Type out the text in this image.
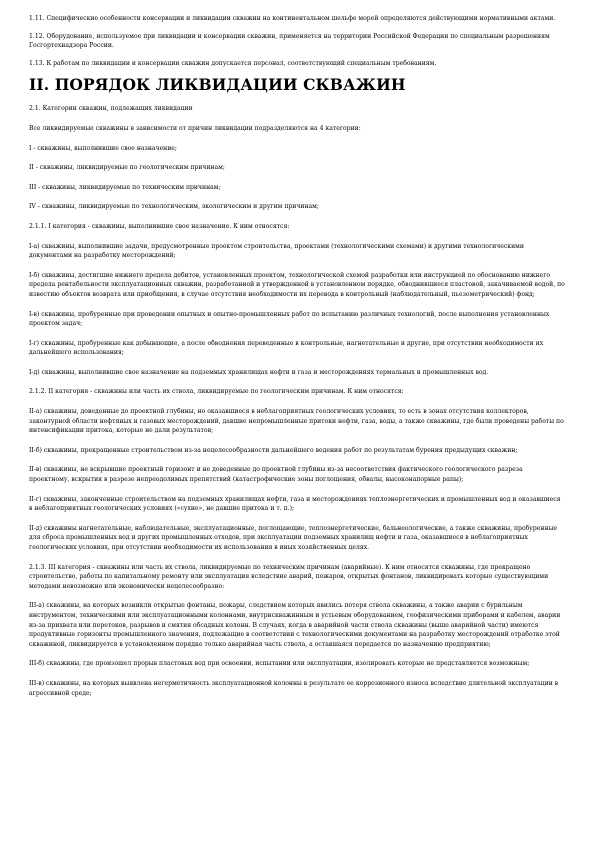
1.11. Специфические особенности консервации и ликвидации скважин на континентальном шельфе морей определяются действующими нормативными актами.

1.12. Оборудование, используемое при ликвидации и консервации скважин, применяется на территории Российской Федерации по специальным разрешениям Госгортехнадзора России.

1.13. К работам по ликвидации и консервации скважин допускается персонал, соответствующий специальным требованиям.

II. ПОРЯДОК ЛИКВИДАЦИИ СКВАЖИН

2.1. Категории скважин, подлежащих ликвидации

Все ликвидируемые скважины в зависимости от причин ликвидации подразделяются на 4 категории:

I - скважины, выполнившие свое назначение;

II - скважины, ликвидируемые по геологическим причинам;

III - скважины, ликвидируемые по техническим причинам;

IV - скважины, ликвидируемые по технологическим, экологическим и другим причинам;

2.1.1. I категория - скважины, выполнившие свое назначение. К ним относятся:

I-а) скважины, выполнившие задачи, предусмотренные проектом строительства, проектами (технологическими схемами) и другими технологическими документами на разработку месторождений;

I-б) скважины, достигшие нижнего предела дебитов, установленных проектом, технологической схемой разработки или инструкцией по обоснованию нижнего предела рентабельности эксплуатационных скважин, разработанной и утвержденной в установленном порядке, обводнившиеся пластовой, закачиваемой водой, по известию объектов возврата или приобщения, в случае отсутствия необходимости их перевода в контрольный (наблюдательный, пьезометрический) фонд;

I-в) скважины, пробуренные при проведении опытных и опытно-промышленных работ по испытанию различных технологий, после выполнения установленных проектом задач;

I-г) скважины, пробуренные как добывающие, а после обводнения переведенные в контрольные, нагнетательные и другие, при отсутствии необходимости их дальнейшего использования;

I-д) скважины, выполнившие свое назначение на подземных хранилищах нефти и газа и месторождениях термальных и промышленных вод.

2.1.2. II категория - скважины или часть их ствола, ликвидируемые по геологическим причинам. К ним относятся:

II-а) скважины, доведенные до проектной глубины, но оказавшиеся в неблагоприятных геологических условиях, то есть в зонах отсутствия коллекторов, законтурной области нефтяных и газовых месторождений, давшие непромышленные притоки нефти, газа, воды, а также скважины, где были проведены работы по интенсификации притока, которые не дали результатов;

II-б) скважины, прекращенные строительством из-за нецелесообразности дальнейшего ведения работ по результатам бурения предыдущих скважин;

II-в) скважины, не вскрывшие проектный горизонт и не доведенные до проектной глубины из-за несоответствия фактического геологического разреза проектному, вскрытия в разрезе непреодолимых препятствий (катастрофические зоны поглощения, обвалы, высоконапорные рапы);

II-г) скважины, законченные строительством на подземных хранилищах нефти, газа и месторождениях теплоэнергетических и промышленных вод и оказавшиеся в неблагоприятных геологических условиях («сухие», не давшие притока и т. п.);

II-д) скважины нагнетательные, наблюдательные, эксплуатационные, поглощающие, теплоэнергетические, бальнеологические, а также скважины, пробуренные для сброса промышленных вод и других промышленных отходов, при эксплуатации подземных хранилищ нефти и газа, оказавшиеся в неблагоприятных геологических условиях, при отсутствии необходимости их использования в иных хозяйственных целях.

2.1.3. III категория - скважины или часть их ствола, ликвидируемые по техническим причинам (аварийные). К ним относятся скважины, где прекращено строительство, работы по капитальному ремонту или эксплуатация вследствие аварий, пожаров, открытых фонтанов, ликвидировать которые существующими методами невозможно или экономически нецелесообразно:

III-а) скважины, на которых возникли открытые фонтаны, пожары, следствием которых явились потеря ствола скважины, а также аварии с бурильным инструментом, техническими или эксплуатационными колоннами, внутрискважинным и устьевым оборудованием, геофизическими приборами и кабелем, аварии из-за прихвата или перетоков, разрывов и смятия обсадных колонн. В случаях, когда в аварийной части ствола скважины (выше аварийной части) имеются продуктивные горизонты промышленного значения, подлежащие в соответствии с технологическими документами на разработку месторождений отработке этой скважиной, ликвидируется в установленном порядке только аварийная часть ствола, а оставшаяся передается по назначению предприятию;

III-б) скважины, где произошел прорыв пластовых вод при освоении, испытании или эксплуатации, изолировать которые не представляется возможным;

III-в) скважины, на которых выявлена негерметичность эксплуатационной колонны в результате ее коррозионного износа вследствие длительной эксплуатации в агрессивной среде;
